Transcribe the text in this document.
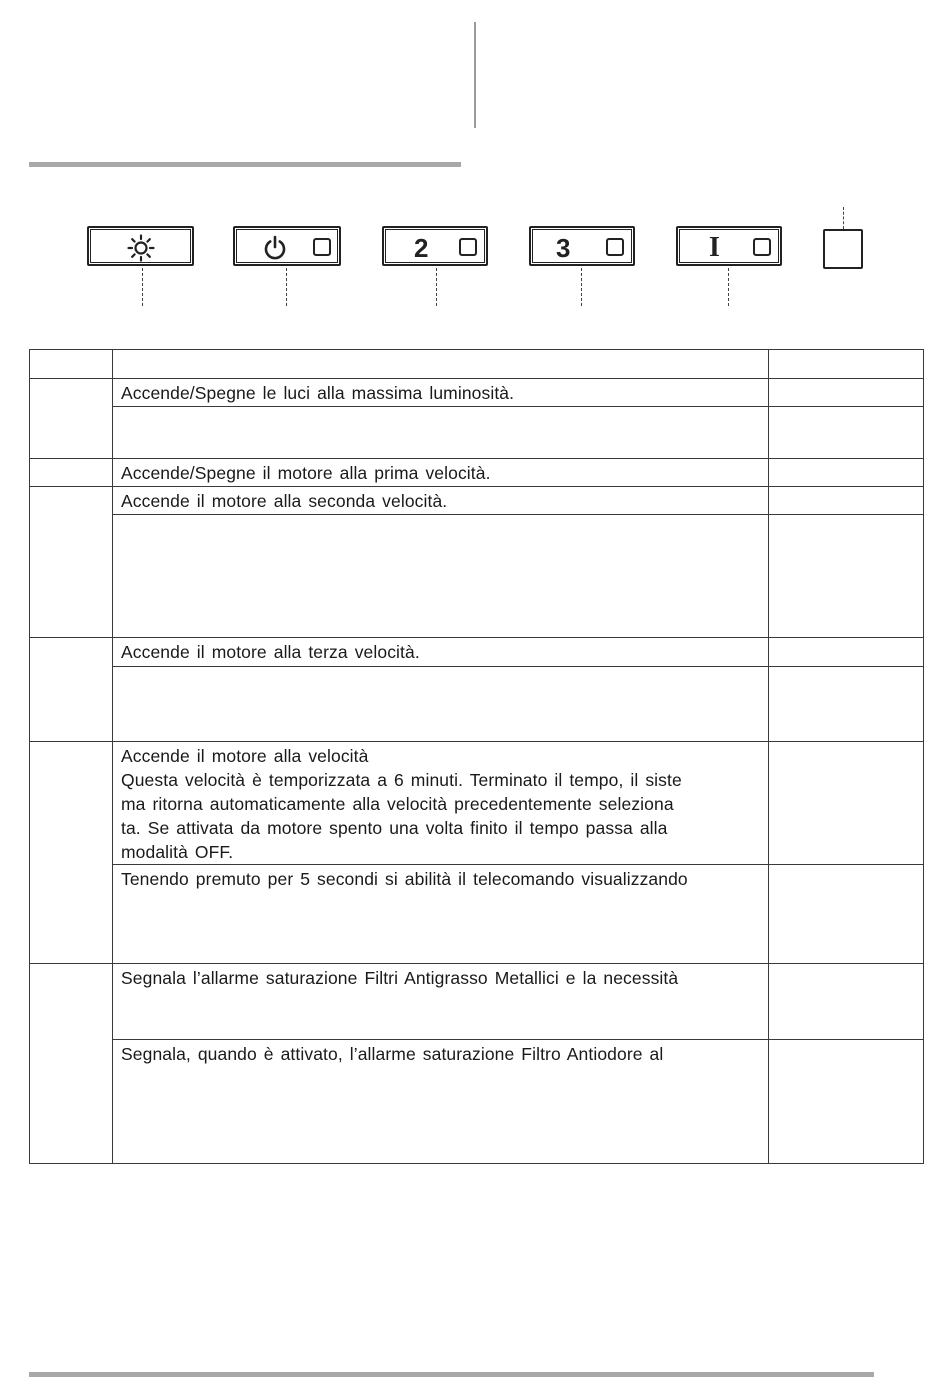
2	3	I

	Accende/Spegne le luci alla massima luminosità.	

	Accende/Spegne il motore alla prima velocità.	

	Accende il motore alla seconda velocità.	

	Accende il motore alla terza velocità.	

	Accende il motore alla velocità
Questa velocità è temporizzata a 6 minuti. Terminato il tempo, il siste
ma ritorna automaticamente alla velocità precedentemente seleziona
ta. Se attivata da motore spento una volta finito il tempo passa alla
modalità OFF.	

	Tenendo premuto per 5 secondi si abilità il telecomando visualizzando	

	Segnala l’allarme saturazione Filtri Antigrasso Metallici e la necessità	

	Segnala, quando è attivato, l’allarme saturazione Filtro Antiodore al	
